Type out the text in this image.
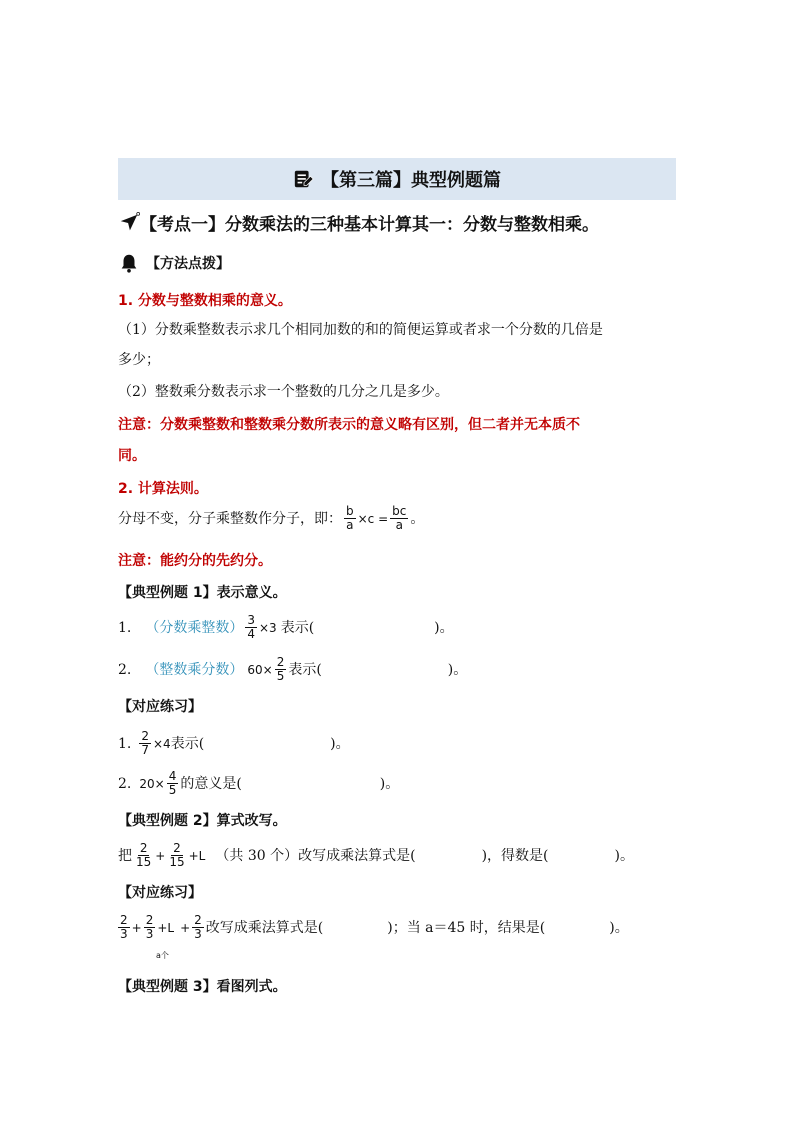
【第三篇】典型例题篇
【考点一】分数乘法的三种基本计算其一：分数与整数相乘。
【方法点拨】
1. 分数与整数相乘的意义。
（1）分数乘整数表示求几个相同加数的和的简便运算或者求一个分数的几倍是
多少；
（2）整数乘分数表示求一个整数的几分之几是多少。
注意：分数乘整数和整数乘分数所表示的意义略有区别，但二者并无本质不
同。
2. 计算法则。
分母不变，分子乘整数作分子，即： $\frac{b}{a} \times c = \frac{bc}{a}$ 。
注意：能约分的先约分。
【典型例题 1】表示意义。
1. （分数乘整数） $\frac{3}{4} \times 3$ 表示(	)。
2. （整数乘分数） $60\times \frac{2}{5}$ 表示(	)。
【对应练习】
1. $\frac{2}{7} \times 4$ 表示(	)。
2. $20\times \frac{4}{5}$ 的意义是(	)。
【典型例题 2】算式改写。
把 $\frac{2}{15} + \frac{2}{15} +L$ （共 30 个）改写成乘法算式是(	)，得数是(	)。
【对应练习】
$\frac{2}{3} + \frac{2}{3} +L + \frac{2}{3}$ 改写成乘法算式是(	)；当 a＝45 时，结果是(	)。
a个
【典型例题 3】看图列式。
